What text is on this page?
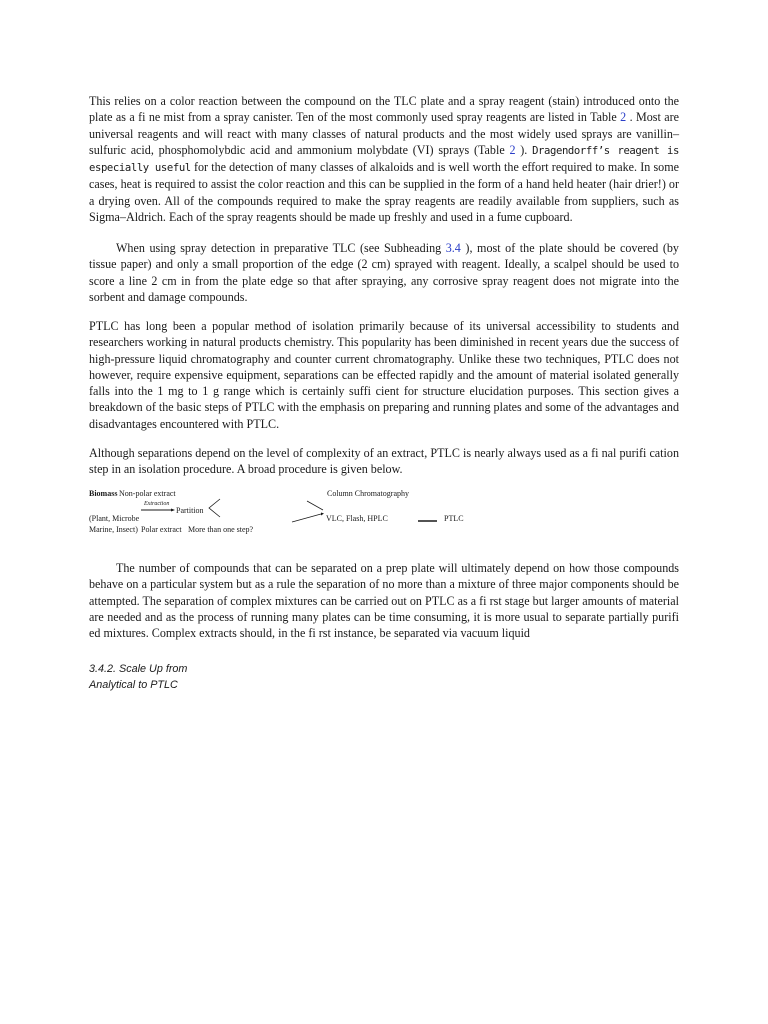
This relies on a color reaction between the compound on the TLC plate and a spray reagent (stain) introduced onto the plate as a fi ne mist from a spray canister. Ten of the most commonly used spray reagents are listed in Table 2 . Most are universal reagents and will react with many classes of natural products and the most widely used sprays are vanillin–sulfuric acid, phosphomolybdic acid and ammonium molybdate (VI) sprays (Table 2 ). Dragendorff’s reagent is especially useful for the detection of many classes of alkaloids and is well worth the effort required to make. In some cases, heat is required to assist the color reaction and this can be supplied in the form of a hand held heater (hair drier!) or a drying oven. All of the compounds required to make the spray reagents are readily available from suppliers, such as Sigma–Aldrich. Each of the spray reagents should be made up freshly and used in a fume cupboard.

When using spray detection in preparative TLC (see Subheading 3.4 ), most of the plate should be covered (by tissue paper) and only a small proportion of the edge (2 cm) sprayed with reagent. Ideally, a scalpel should be used to score a line 2 cm in from the plate edge so that after spraying, any corrosive spray reagent does not migrate into the sorbent and damage compounds.

PTLC has long been a popular method of isolation primarily because of its universal accessibility to students and researchers working in natural products chemistry. This popularity has been diminished in recent years due the success of high-pressure liquid chromatography and counter current chromatography. Unlike these two techniques, PTLC does not however, require expensive equipment, separations can be effected rapidly and the amount of material isolated generally falls into the 1 mg to 1 g range which is certainly suffi cient for structure elucidation purposes. This section gives a breakdown of the basic steps of PTLC with the emphasis on preparing and running plates and some of the advantages and disadvantages encountered with PTLC.

Although separations depend on the level of complexity of an extract, PTLC is nearly always used as a fi nal purifi cation step in an isolation procedure. A broad procedure is given below.

Biomass Non-polar extract
Extraction
Partition
(Plant, Microbe
Marine, Insect) Polar extract More than one step?
Column Chromatography
VLC, Flash, HPLC	PTLC

The number of compounds that can be separated on a prep plate will ultimately depend on how those compounds behave on a particular system but as a rule the separation of no more than a mixture of three major components should be attempted. The separation of complex mixtures can be carried out on PTLC as a fi rst stage but larger amounts of material are needed and as the process of running many plates can be time consuming, it is more usual to separate partially purifi ed mixtures. Complex extracts should, in the fi rst instance, be separated via vacuum liquid

3.4.2. Scale Up from
Analytical to PTLC
